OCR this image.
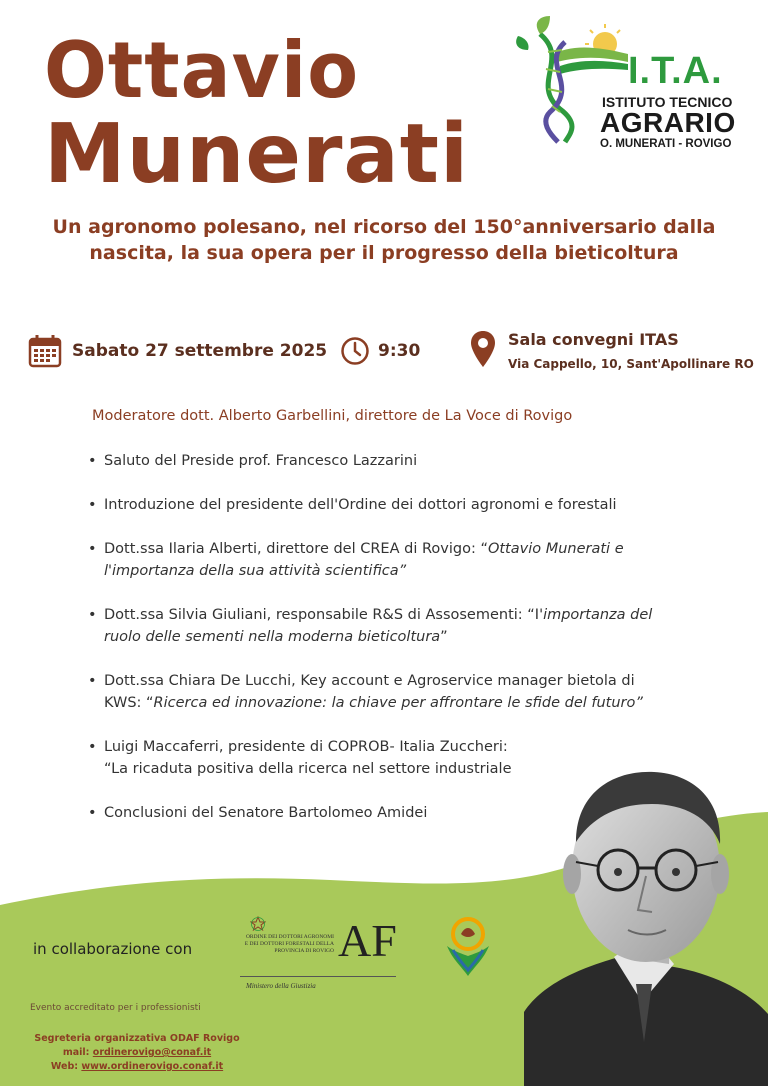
Ottavio
Munerati
I.T.A.
ISTITUTO TECNICO
AGRARIO
O. MUNERATI - ROVIGO
Un agronomo polesano, nel ricorso del 150°anniversario dalla nascita, la sua opera per il progresso della bieticoltura
Sabato 27 settembre 2025	9:30
Sala convegni ITAS
Via Cappello, 10, Sant'Apollinare RO
Moderatore dott. Alberto Garbellini, direttore de La Voce di Rovigo
• Saluto del Preside prof. Francesco Lazzarini
• Introduzione del presidente dell'Ordine dei dottori agronomi e forestali
• Dott.ssa Ilaria Alberti, direttore del CREA di Rovigo: “Ottavio Munerati e l'importanza della sua attività scientifica”
• Dott.ssa Silvia Giuliani, responsabile R&S di Assosementi: “I'importanza del ruolo delle sementi nella moderna bieticoltura”
• Dott.ssa Chiara De Lucchi, Key account e Agroservice manager bietola di KWS: “Ricerca ed innovazione: la chiave per affrontare le sfide del futuro”
• Luigi Maccaferri, presidente di COPROB- Italia Zuccheri:
“La ricaduta positiva della ricerca nel settore industriale
• Conclusioni del Senatore Bartolomeo Amidei
in collaborazione con
ORDINE DEI DOTTORI AGRONOMI E DEI DOTTORI FORESTALI DELLA PROVINCIA DI ROVIGO AF
Ministero della Giustizia
Evento accreditato per i professionisti
Segreteria organizzativa ODAF Rovigo
mail: ordinerovigo@conaf.it
Web: www.ordinerovigo.conaf.it
